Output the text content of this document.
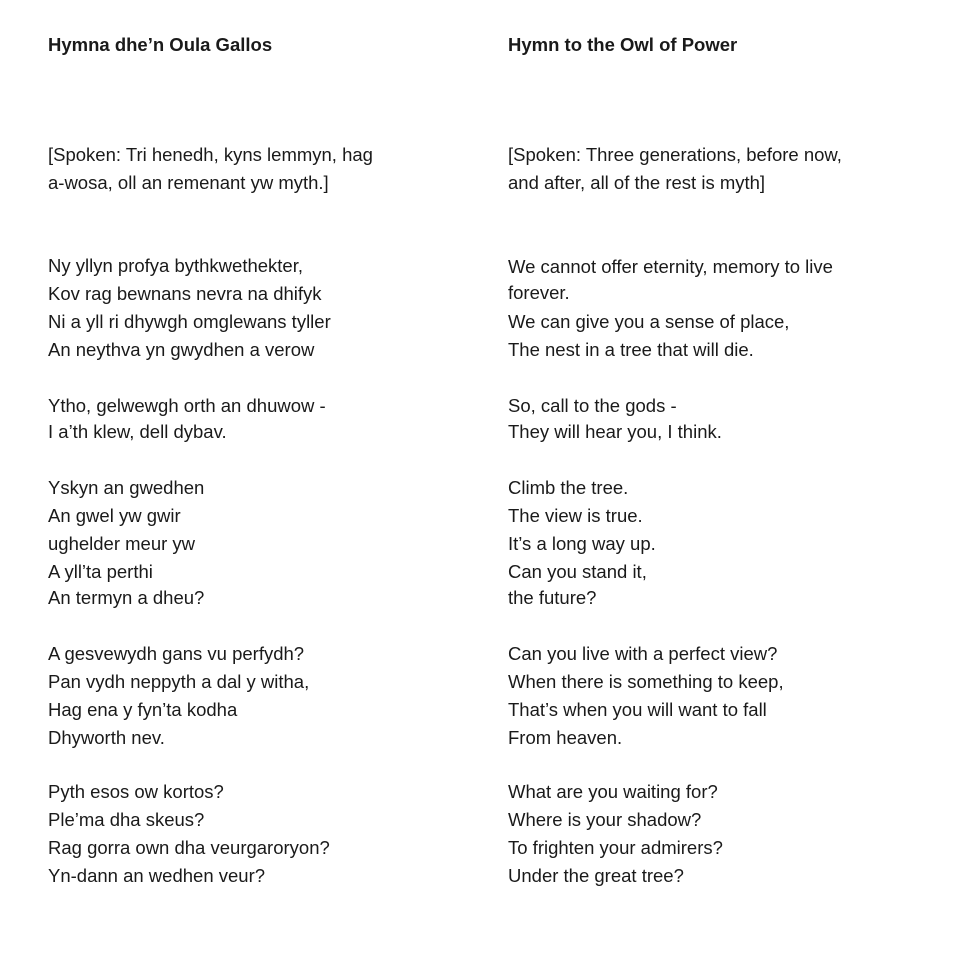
Hymna dhe’n Oula Gallos
[Spoken: Tri henedh, kyns lemmyn, hag
a-wosa, oll an remenant yw myth.]
Ny yllyn profya bythkwethekter,
Kov rag bewnans nevra na dhifyk
Ni a yll ri dhywgh omglewans tyller
An neythva yn gwydhen a verow
Ytho, gelwewgh orth an dhuwow -
I a’th klew, dell dybav.
Yskyn an gwedhen
An gwel yw gwir
ughelder meur yw
A yll’ta perthi
An termyn a dheu?
A gesvewydh gans vu perfydh?
Pan vydh neppyth a dal y witha,
Hag ena y fyn’ta kodha
Dhyworth nev.
Pyth esos ow kortos?
Ple’ma dha skeus?
Rag gorra own dha veurgaroryon?
Yn-dann an wedhen veur?
Hymn to the Owl of Power
[Spoken: Three generations, before now,
and after, all of the rest is myth]
We cannot offer eternity, memory to live
forever.
We can give you a sense of place,
The nest in a tree that will die.
So, call to the gods -
They will hear you, I think.
Climb the tree.
The view is true.
It’s a long way up.
Can you stand it,
the future?
Can you live with a perfect view?
When there is something to keep,
That’s when you will want to fall
From heaven.
What are you waiting for?
Where is your shadow?
To frighten your admirers?
Under the great tree?
